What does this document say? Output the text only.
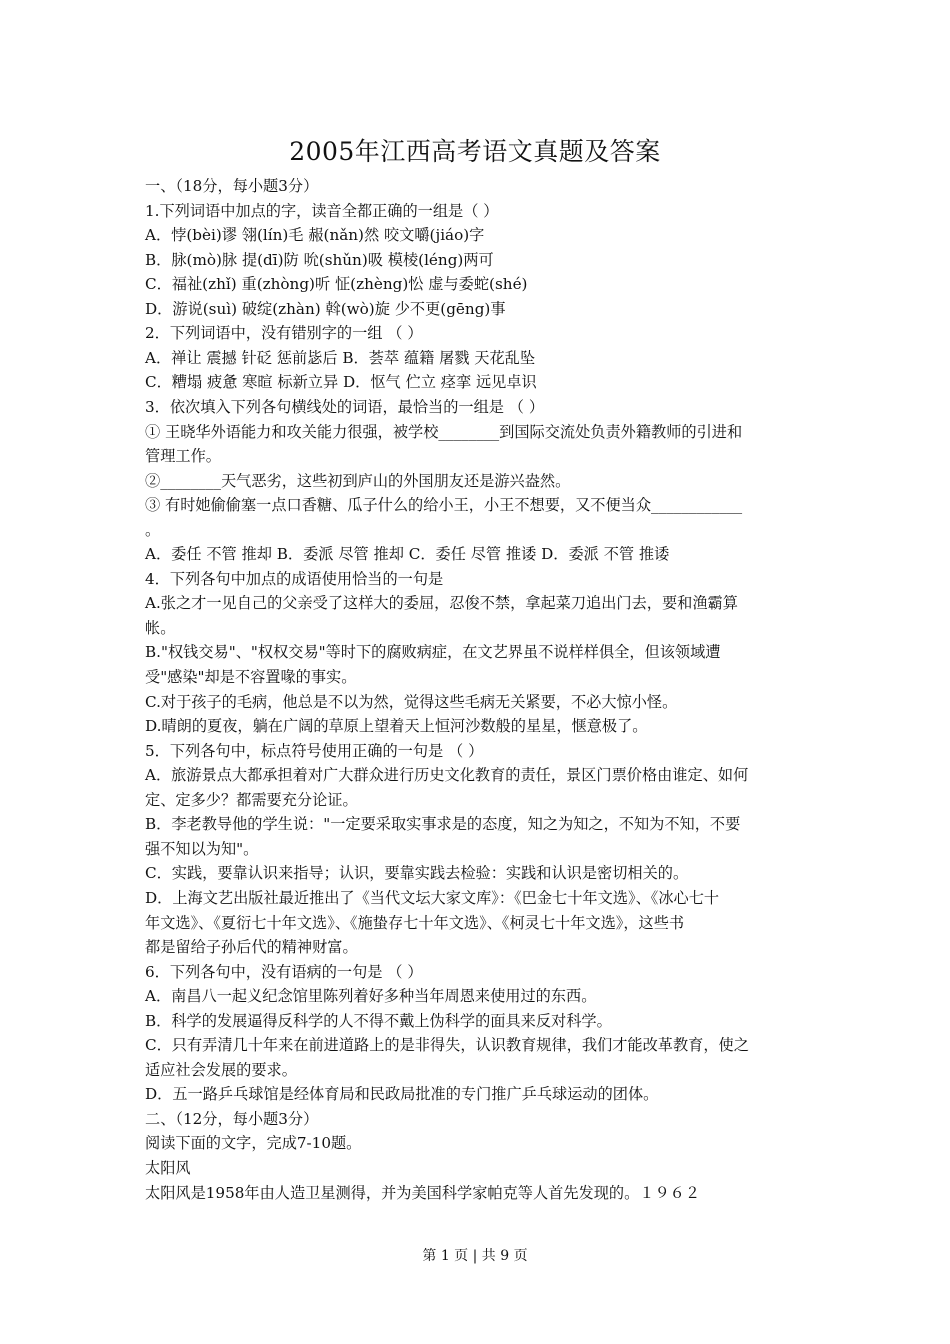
2005年江西高考语文真题及答案
一、（18分，每小题3分）
1.下列词语中加点的字，读音全都正确的一组是（ ）
A．悖(bèi)谬 翎(lín)毛 赧(nǎn)然 咬文嚼(jiáo)字
B．脉(mò)脉 提(dī)防 吮(shǔn)吸 模棱(léng)两可
C．福祉(zhǐ) 重(zhòng)听 怔(zhèng)忪 虚与委蛇(shé)
D．游说(suì) 破绽(zhàn) 斡(wò)旋 少不更(gēng)事
2．下列词语中，没有错别字的一组 （ ）
A．禅让 震撼 针砭 惩前毖后 B．荟萃 蕴籍 屠戮 天花乱坠
C．糟塌 疲惫 寒暄 标新立异 D．怄气 伫立 痉挛 远见卓识
3．依次填入下列各句横线处的词语，最恰当的一组是 （ ）
① 王晓华外语能力和攻关能力很强，被学校________到国际交流处负责外籍教师的引进和
管理工作。
②________天气恶劣，这些初到庐山的外国朋友还是游兴盎然。
③ 有时她偷偷塞一点口香糖、瓜子什么的给小王，小王不想要，又不便当众____________
。
A．委任 不管 推却 B．委派 尽管 推却 C．委任 尽管 推诿 D．委派 不管 推诿
4．下列各句中加点的成语使用恰当的一句是
A.张之才一见自己的父亲受了这样大的委屈，忍俊不禁，拿起菜刀追出门去，要和渔霸算
帐。
B."权钱交易"、"权权交易"等时下的腐败病症，在文艺界虽不说样样俱全，但该领域遭
受"感染"却是不容置喙的事实。
C.对于孩子的毛病，他总是不以为然，觉得这些毛病无关紧要，不必大惊小怪。
D.晴朗的夏夜，躺在广阔的草原上望着天上恒河沙数般的星星，惬意极了。
5．下列各句中，标点符号使用正确的一句是 （ ）
A．旅游景点大都承担着对广大群众进行历史文化教育的责任，景区门票价格由谁定、如何
定、定多少？都需要充分论证。
B．李老教导他的学生说："一定要采取实事求是的态度，知之为知之，不知为不知，不要
强不知以为知"。
C．实践，要靠认识来指导；认识，要靠实践去检验：实践和认识是密切相关的。
D．上海文艺出版社最近推出了《当代文坛大家文库》：《巴金七十年文选》、《冰心七十
年文选》、《夏衍七十年文选》、《施蛰存七十年文选》、《柯灵七十年文选》，这些书
都是留给子孙后代的精神财富。
6．下列各句中，没有语病的一句是 （ ）
A．南昌八一起义纪念馆里陈列着好多种当年周恩来使用过的东西。
B．科学的发展逼得反科学的人不得不戴上伪科学的面具来反对科学。
C．只有弄清几十年来在前进道路上的是非得失，认识教育规律，我们才能改革教育，使之
适应社会发展的要求。
D．五一路乒乓球馆是经体育局和民政局批准的专门推广乒乓球运动的团体。
二、（12分，每小题3分）
阅读下面的文字，完成7-10题。
太阳风
太阳风是1958年由人造卫星测得，并为美国科学家帕克等人首先发现的。１９６２
第 1 页 | 共 9 页
